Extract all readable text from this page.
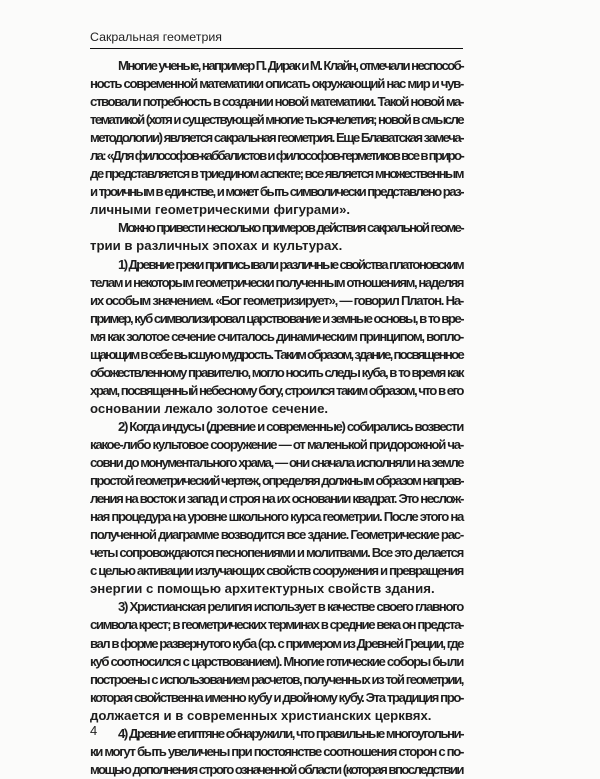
Сакральная геометрия
Многие ученые, например П. Дирак и М. Клайн, отмечали неспособ-
ность современной математики описать окружающий нас мир и чув-
ствовали потребность в создании новой математики. Такой новой ма-
тематикой (хотя и существующей многие тысячелетия; новой в смысле
методологии) является сакральная геометрия. Еще Блаватская замеча-
ла: «Для философов-каббалистов и философов-герметиков все в приро-
де представляется в триедином аспекте; все является множественным
и троичным в единстве, и может быть символически представлено раз-
личными геометрическими фигурами».
Можно привести несколько примеров действия сакральной геоме-
трии в различных эпохах и культурах.
1) Древние греки приписывали различные свойства платоновским
телам и некоторым геометрически полученным отношениям, наделяя
их особым значением. «Бог геометризирует», — говорил Платон. На-
пример, куб символизировал царствование и земные основы, в то вре-
мя как золотое сечение считалось динамическим принципом, вопло-
щающим в себе высшую мудрость. Таким образом, здание, посвященное
обожествленному правителю, могло носить следы куба, в то время как
храм, посвященный небесному богу, строился таким образом, что в его
основании лежало золотое сечение.
2) Когда индусы (древние и современные) собирались возвести
какое-либо культовое сооружение — от маленькой придорожной ча-
совни до монументального храма, — они сначала исполняли на земле
простой геометрический чертеж, определяя должным образом направ-
ления на восток и запад и строя на их основании квадрат. Это неслож-
ная процедура на уровне школьного курса геометрии. После этого на
полученной диаграмме возводится все здание. Геометрические рас-
четы сопровождаются песнопениями и молитвами. Все это делается
с целью активации излучающих свойств сооружения и превращения
энергии с помощью архитектурных свойств здания.
3) Христианская религия использует в качестве своего главного
символа крест; в геометрических терминах в средние века он предста-
вал в форме развернутого куба (ср. с примером из Древней Греции, где
куб соотносился с царствованием). Многие готические соборы были
построены с использованием расчетов, полученных из той геометрии,
которая свойственна именно кубу и двойному кубу. Эта традиция про-
должается и в современных христианских церквях.
4) Древние египтяне обнаружили, что правильные многоугольни-
ки могут быть увеличены при постоянстве соотношения сторон с по-
мощью дополнения строго означенной области (которая впоследствии
4
